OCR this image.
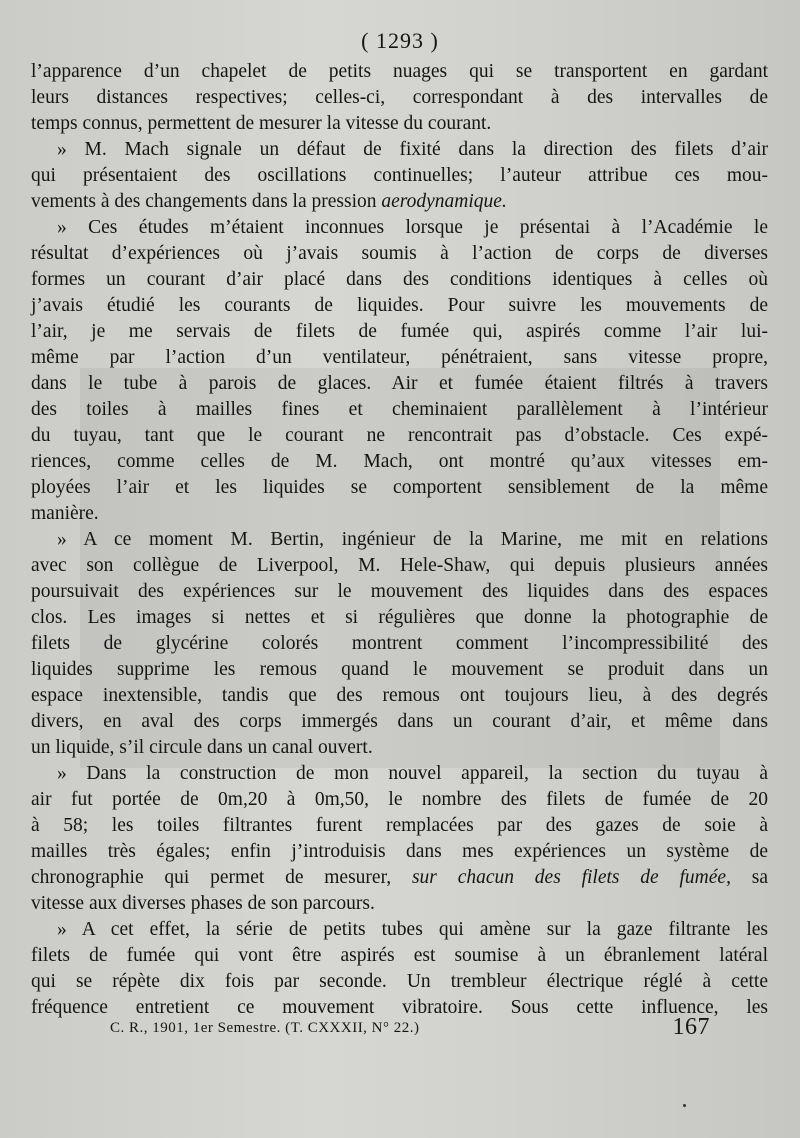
( 1293 )
l’apparence d’un chapelet de petits nuages qui se transportent en gardant
leurs distances respectives; celles-ci, correspondant à des intervalles de
temps connus, permettent de mesurer la vitesse du courant.
» M. Mach signale un défaut de fixité dans la direction des filets d’air
qui présentaient des oscillations continuelles; l’auteur attribue ces mou-
vements à des changements dans la pression aerodynamique.
» Ces études m’étaient inconnues lorsque je présentai à l’Académie le
résultat d’expériences où j’avais soumis à l’action de corps de diverses
formes un courant d’air placé dans des conditions identiques à celles où
j’avais étudié les courants de liquides. Pour suivre les mouvements de
l’air, je me servais de filets de fumée qui, aspirés comme l’air lui-
même par l’action d’un ventilateur, pénétraient, sans vitesse propre,
dans le tube à parois de glaces. Air et fumée étaient filtrés à travers
des toiles à mailles fines et cheminaient parallèlement à l’intérieur
du tuyau, tant que le courant ne rencontrait pas d’obstacle. Ces expé-
riences, comme celles de M. Mach, ont montré qu’aux vitesses em-
ployées l’air et les liquides se comportent sensiblement de la même
manière.
» A ce moment M. Bertin, ingénieur de la Marine, me mit en relations
avec son collègue de Liverpool, M. Hele-Shaw, qui depuis plusieurs années
poursuivait des expériences sur le mouvement des liquides dans des espaces
clos. Les images si nettes et si régulières que donne la photographie de
filets de glycérine colorés montrent comment l’incompressibilité des
liquides supprime les remous quand le mouvement se produit dans un
espace inextensible, tandis que des remous ont toujours lieu, à des degrés
divers, en aval des corps immergés dans un courant d’air, et même dans
un liquide, s’il circule dans un canal ouvert.
» Dans la construction de mon nouvel appareil, la section du tuyau à
air fut portée de 0m,20 à 0m,50, le nombre des filets de fumée de 20
à 58; les toiles filtrantes furent remplacées par des gazes de soie à
mailles très égales; enfin j’introduisis dans mes expériences un système de
chronographie qui permet de mesurer, sur chacun des filets de fumée, sa
vitesse aux diverses phases de son parcours.
» A cet effet, la série de petits tubes qui amène sur la gaze filtrante les
filets de fumée qui vont être aspirés est soumise à un ébranlement latéral
qui se répète dix fois par seconde. Un trembleur électrique réglé à cette
fréquence entretient ce mouvement vibratoire. Sous cette influence, les
C. R., 1901, 1er Semestre. (T. CXXXII, N° 22.)	167
